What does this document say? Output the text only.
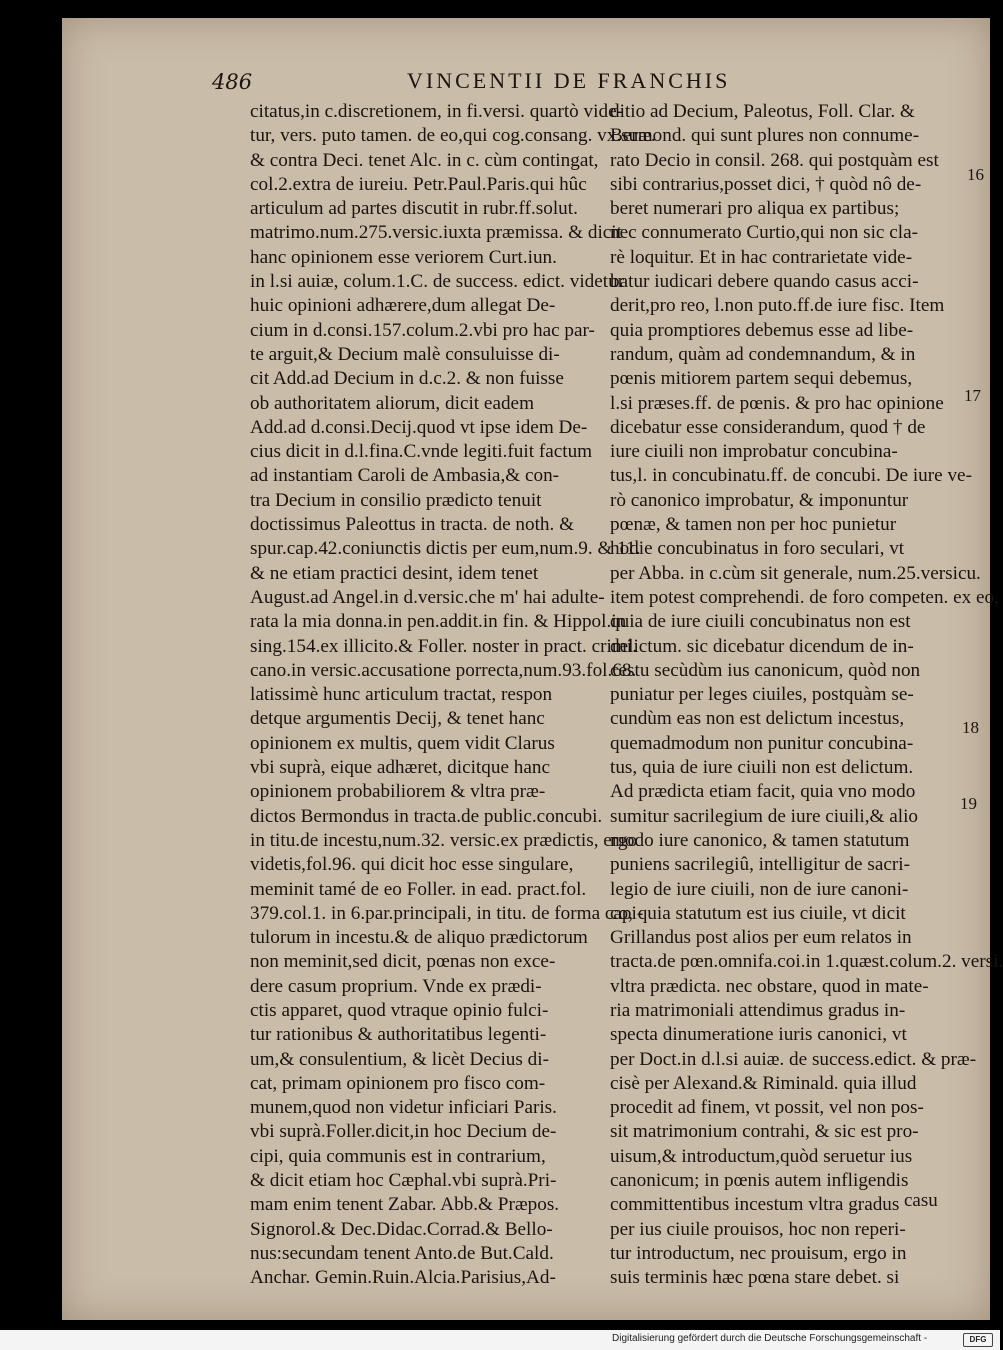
486	VINCENTII DE FRANCHIS
citatus,in c.discretionem, in fi.versi. quartò vide-
tur, vers. puto tamen. de eo,qui cog.consang. vx.suæ.
& contra Deci. tenet Alc. in c. cùm contingat,
col.2.extra de iureiu. Petr.Paul.Paris.qui hûc
articulum ad partes discutit in rubr.ff.solut.
matrimo.num.275.versic.iuxta præmissa. & dicit
hanc opinionem esse veriorem Curt.iun.
in l.si auiæ, colum.1.C. de success. edict. videtur
huic opinioni adhærere,dum allegat De-
cium in d.consi.157.colum.2.vbi pro hac par-
te arguit,& Decium malè consuluisse di-
cit Add.ad Decium in d.c.2. & non fuisse
ob authoritatem aliorum, dicit eadem
Add.ad d.consi.Decij.quod vt ipse idem De-
cius dicit in d.l.fina.C.vnde legiti.fuit factum
ad instantiam Caroli de Ambasia,& con-
tra Decium in consilio prædicto tenuit
doctissimus Paleottus in tracta. de noth. &
spur.cap.42.coniunctis dictis per eum,num.9. & 11.
& ne etiam practici desint, idem tenet
August.ad Angel.in d.versic.che m' hai adulte-
rata la mia donna.in pen.addit.in fin. & Hippol.in
sing.154.ex illicito.& Foller. noster in pract. crimi.
cano.in versic.accusatione porrecta,num.93.fol.68.
latissimè hunc articulum tractat, respon
detque argumentis Decij, & tenet hanc
opinionem ex multis, quem vidit Clarus
vbi suprà, eique adhæret, dicitque hanc
opinionem probabiliorem & vltra præ-
dictos Bermondus in tracta.de public.concubi.
in titu.de incestu,num.32. versic.ex prædictis, ergo
videtis,fol.96. qui dicit hoc esse singulare,
meminit tamé de eo Foller. in ead. pract.fol.
379.col.1. in 6.par.principali, in titu. de forma capi-
tulorum in incestu.& de aliquo prædictorum
non meminit,sed dicit, pœnas non exce-
dere casum proprium. Vnde ex prædi-
ctis apparet, quod vtraque opinio fulci-
tur rationibus & authoritatibus legenti-
um,& consulentium, & licèt Decius di-
cat, primam opinionem pro fisco com-
munem,quod non videtur inficiari Paris.
vbi suprà.Foller.dicit,in hoc Decium de-
cipi, quia communis est in contrarium,
& dicit etiam hoc Cæphal.vbi suprà.Pri-
mam enim tenent Zabar. Abb.& Præpos.
Signorol.& Dec.Didac.Corrad.& Bello-
nus:secundam tenent Anto.de But.Cald.
Anchar. Gemin.Ruin.Alcia.Parisius,Ad-
ditio ad Decium, Paleotus, Foll. Clar. &
Bermond. qui sunt plures non connume-
rato Decio in consil. 268. qui postquàm est
sibi contrarius,posset dici, † quòd nô de-
beret numerari pro aliqua ex partibus;
nec connumerato Curtio,qui non sic cla-
rè loquitur. Et in hac contrarietate vide-
batur iudicari debere quando casus acci-
derit,pro reo, l.non puto.ff.de iure fisc. Item
quia promptiores debemus esse ad libe-
randum, quàm ad condemnandum, & in
pœnis mitiorem partem sequi debemus,
l.si præses.ff. de pœnis. & pro hac opinione
dicebatur esse considerandum, quod † de
iure ciuili non improbatur concubina-
tus,l. in concubinatu.ff. de concubi. De iure ve-
rò canonico improbatur, & imponuntur
pœnæ, & tamen non per hoc punietur
hodie concubinatus in foro seculari, vt
per Abba. in c.cùm sit generale, num.25.versicu.
item potest comprehendi. de foro competen. ex eo,
quia de iure ciuili concubinatus non est
delictum. sic dicebatur dicendum de in-
cestu secùdùm ius canonicum, quòd non
puniatur per leges ciuiles, postquàm se-
cundùm eas non est delictum incestus,
quemadmodum non punitur concubina-
tus, quia de iure ciuili non est delictum.
Ad prædicta etiam facit, quia vno modo
sumitur sacrilegium de iure ciuili,& alio
modo iure canonico, & tamen statutum
puniens sacrilegiû, intelligitur de sacri-
legio de iure ciuili, non de iure canoni-
co, quia statutum est ius ciuile, vt dicit
Grillandus post alios per eum relatos in
tracta.de pœn.omnifa.coi.in 1.quæst.colum.2. versi.
vltra prædicta. nec obstare, quod in mate-
ria matrimoniali attendimus gradus in-
specta dinumeratione iuris canonici, vt
per Doct.in d.l.si auiæ. de success.edict. & præ-
cisè per Alexand.& Riminald. quia illud
procedit ad finem, vt possit, vel non pos-
sit matrimonium contrahi, & sic est pro-
uisum,& introductum,quòd seruetur ius
canonicum; in pœnis autem infligendis
committentibus incestum vltra gradus
per ius ciuile prouisos, hoc non reperi-
tur introductum, nec prouisum, ergo in
suis terminis hæc pœna stare debet. si
16
17
18
19
casu
Digitalisierung gefördert durch die Deutsche Forschungsgemeinschaft -	DFG
